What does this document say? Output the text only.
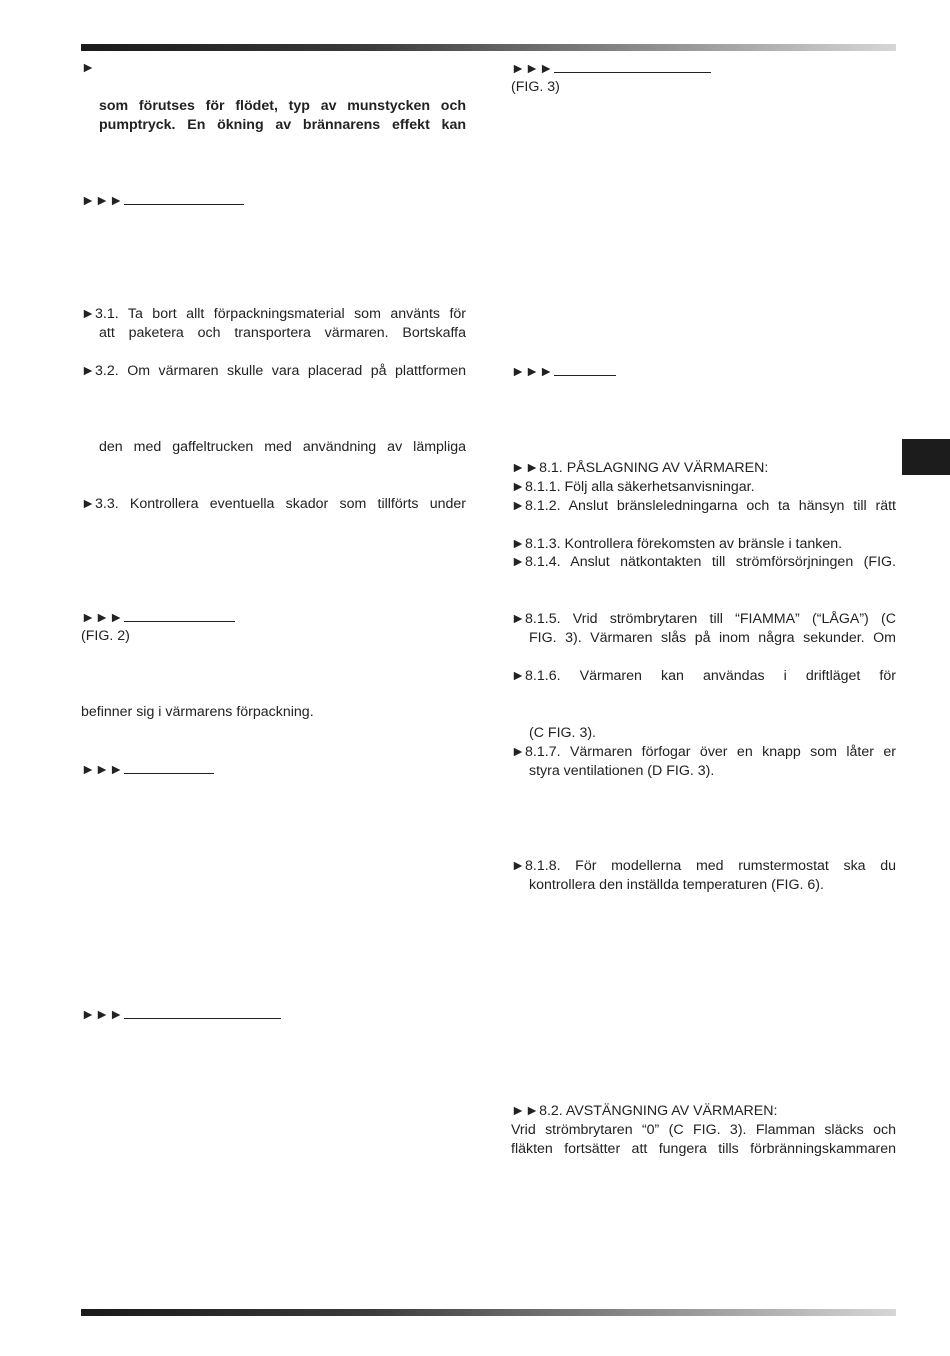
►
som förutses för flödet, typ av munstycken och
pumptryck. En ökning av brännarens effekt kan
►►►
►3.1. Ta bort allt förpackningsmaterial som använts för
att paketera och transportera värmaren. Bortskaffa
►3.2. Om värmaren skulle vara placerad på plattformen
den med gaffeltrucken med användning av lämpliga
►3.3. Kontrollera eventuella skador som tillförts under
►►►
(FIG. 2)
befinner sig i värmarens förpackning.
►►►
►►►
►►►
(FIG. 3)
►►►
►►8.1. PÅSLAGNING AV VÄRMAREN:
►8.1.1. Följ alla säkerhetsanvisningar.
►8.1.2. Anslut bränsleledningarna och ta hänsyn till rätt
►8.1.3. Kontrollera förekomsten av bränsle i tanken.
►8.1.4. Anslut nätkontakten till strömförsörjningen (FIG.
►8.1.5. Vrid strömbrytaren till “FIAMMA” (“LÅGA”) (C
FIG. 3). Värmaren slås på inom några sekunder. Om
►8.1.6. Värmaren kan användas i driftläget för
(C FIG. 3).
►8.1.7. Värmaren förfogar över en knapp som låter er
styra ventilationen (D FIG. 3).
►8.1.8. För modellerna med rumstermostat ska du
kontrollera den inställda temperaturen (FIG. 6).
►►8.2. AVSTÄNGNING AV VÄRMAREN:
Vrid strömbrytaren “0” (C FIG. 3). Flamman släcks och
fläkten fortsätter att fungera tills förbränningskammaren
